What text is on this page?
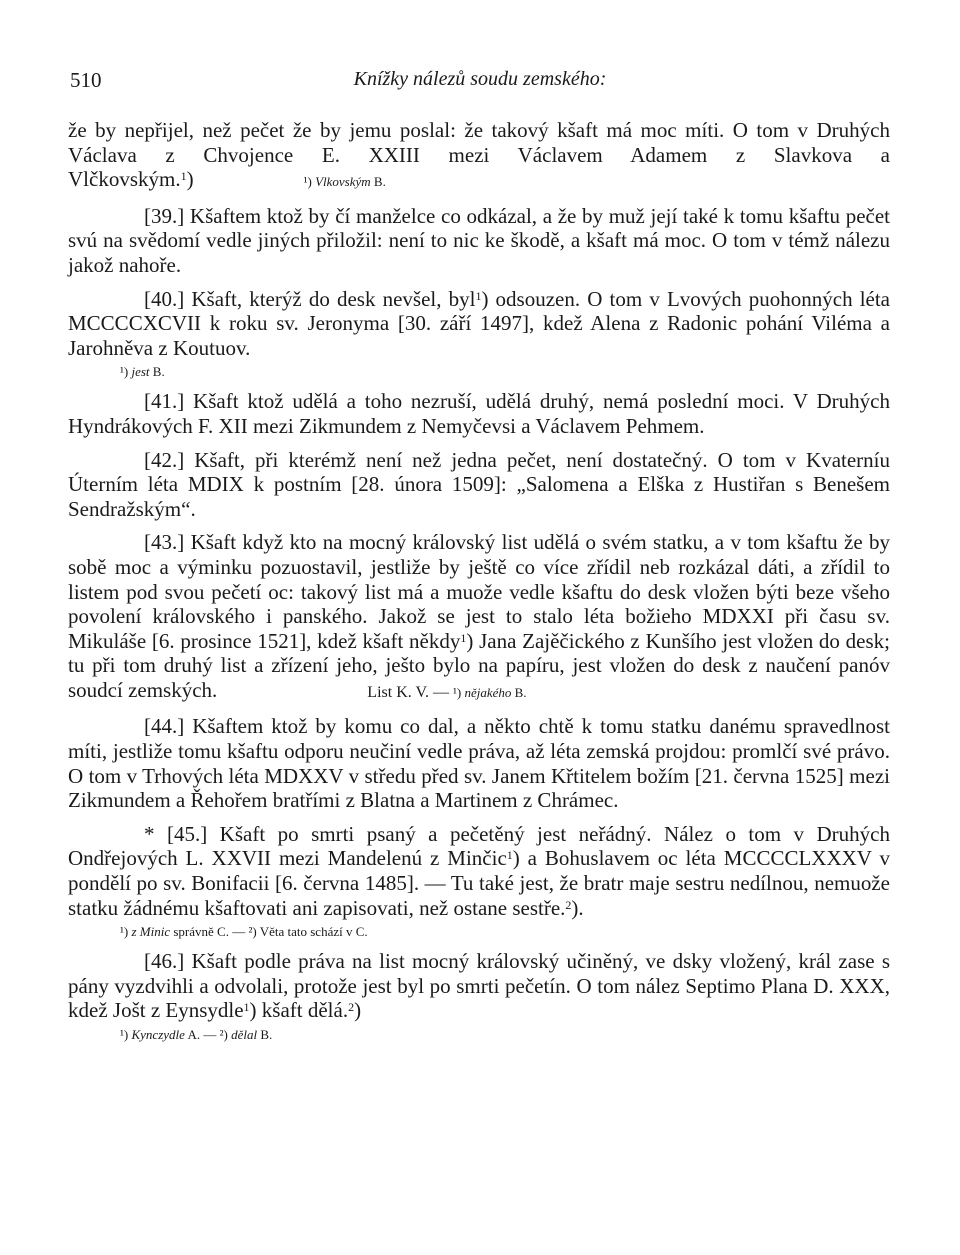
510	Knížky nálezů soudu zemského:

že by nepřijel, než pečet že by jemu poslal: že takový kšaft má moc míti. O tom v Druhých Václava z Chvojence E. XXIII mezi Václavem Adamem z Slavkova a Vlčkovským.$^1$)	¹) Vlkovským B.

[39.] Kšaftem ktož by čí manželce co odkázal, a že by muž její také k tomu kšaftu pečet svú na svědomí vedle jiných přiložil: není to nic ke škodě, a kšaft má moc. O tom v témž nálezu jakož nahoře.

[40.] Kšaft, kterýž do desk nevšel, byl$^1$) odsouzen. O tom v Lvových puohonných léta MCCCCXCVII k roku sv. Jeronyma [30. září 1497], kdež Alena z Radonic pohání Viléma a Jarohněva z Koutuov.

¹) jest B.

[41.] Kšaft ktož udělá a toho nezruší, udělá druhý, nemá poslední moci. V Druhých Hyndrákových F. XII mezi Zikmundem z Nemyčevsi a Václavem Pehmem.

[42.] Kšaft, při kterémž není než jedna pečet, není dostatečný. O tom v Kvaterníu Úterním léta MDIX k postním [28. února 1509]: „Salomena a Elška z Hustiřan s Benešem Sendražským“.

[43.] Kšaft když kto na mocný královský list udělá o svém statku, a v tom kšaftu že by sobě moc a výminku pozuostavil, jestliže by ještě co více zřídil neb rozkázal dáti, a zřídil to listem pod svou pečetí oc: takový list má a muože vedle kšaftu do desk vložen býti beze všeho povolení královského i panského. Jakož se jest to stalo léta božieho MDXXI při času sv. Mikuláše [6. prosince 1521], kdež kšaft někdy$^1$) Jana Zajěčického z Kunšího jest vložen do desk; tu při tom druhý list a zřízení jeho, ješto bylo na papíru, jest vložen do desk z naučení panóv soudcí zemských.	List K. V. — ¹) nějakého B.

[44.] Kšaftem ktož by komu co dal, a někto chtě k tomu statku danému spravedlnost míti, jestliže tomu kšaftu odporu neučiní vedle práva, až léta zemská projdou: promlčí své právo. O tom v Trhových léta MDXXV v středu před sv. Janem Křtitelem božím [21. června 1525] mezi Zikmundem a Řehořem bratřími z Blatna a Martinem z Chrámec.

* [45.] Kšaft po smrti psaný a pečetěný jest neřádný. Nález o tom v Druhých Ondřejových L. XXVII mezi Mandelenú z Minčic$^1$) a Bohuslavem oc léta MCCCCLXXXV v pondělí po sv. Bonifacii [6. června 1485]. — Tu také jest, že bratr maje sestru nedílnou, nemuože statku žádnému kšaftovati ani zapisovati, než ostane sestře.$^2$).

¹) z Minic správně C. — ²) Věta tato schází v C.

[46.] Kšaft podle práva na list mocný královský učiněný, ve dsky vložený, král zase s pány vyzdvihli a odvolali, protože jest byl po smrti pečetín. O tom nález Septimo Plana D. XXX, kdež Jošt z Eynsydle$^1$) kšaft dělá.$^2$)

¹) Kynczydle A. — ²) dělal B.
